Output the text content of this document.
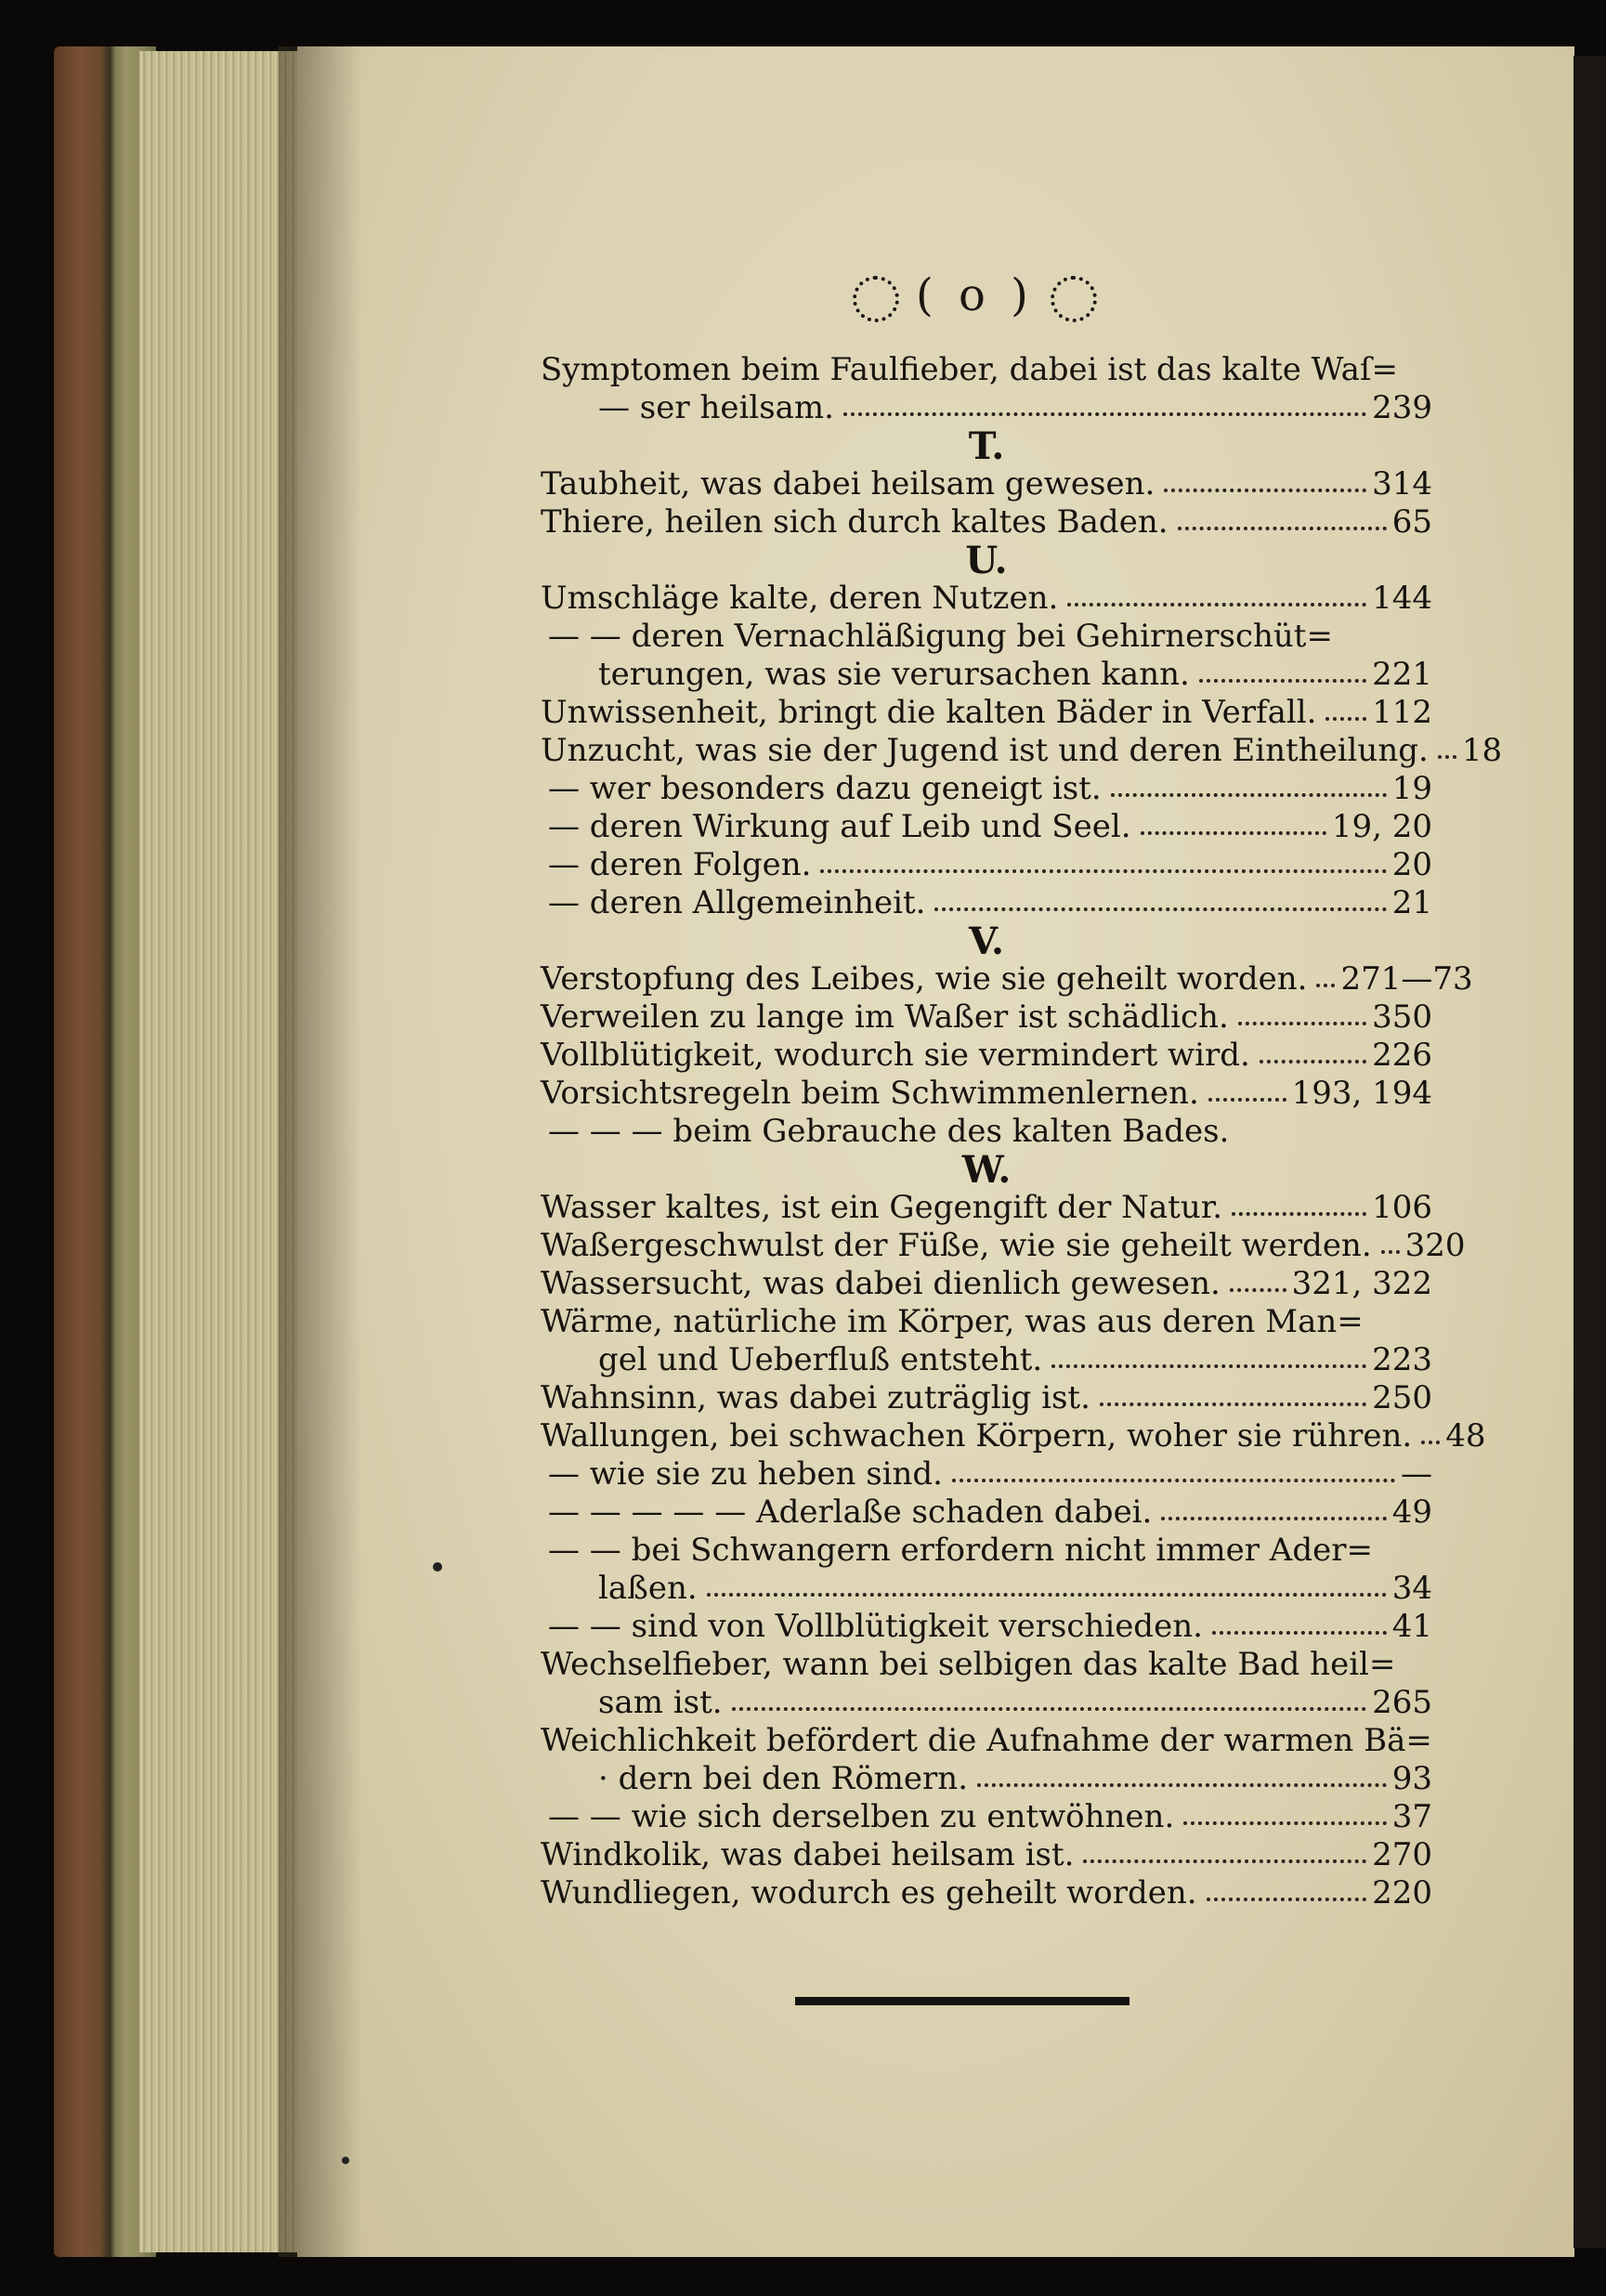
( o )
Symptomen beim Faulfieber, dabei ist das kalte Waſ=
— ser heilsam.	239
T.
Taubheit, was dabei heilsam gewesen.	314
Thiere, heilen sich durch kaltes Baden.	65
U.
Umschläge kalte, deren Nutzen.	144
— — deren Vernachläßigung bei Gehirnerschüt=
terungen, was sie verursachen kann.	221
Unwissenheit, bringt die kalten Bäder in Verfall. 112
Unzucht, was sie der Jugend ist und deren Eintheilung. 18
— wer besonders dazu geneigt ist.	19
— deren Wirkung auf Leib und Seel.	19, 20
— deren Folgen.	20
— deren Allgemeinheit.	21
V.
Verstopfung des Leibes, wie sie geheilt worden. 271—73
Verweilen zu lange im Waßer ist schädlich.	350
Vollblütigkeit, wodurch sie vermindert wird.	226
Vorsichtsregeln beim Schwimmenlernen.	193, 194
— — — beim Gebrauche des kalten Bades.
W.
Wasser kaltes, ist ein Gegengift der Natur.	106
Waßergeschwulst der Füße, wie sie geheilt werden. 320
Wassersucht, was dabei dienlich gewesen. 321, 322
Wärme, natürliche im Körper, was aus deren Man=
gel und Ueberfluß entsteht.	223
Wahnsinn, was dabei zuträglig ist.	250
Wallungen, bei schwachen Körpern, woher sie rühren. 48
— wie sie zu heben sind.	—
— — — — — Aderlaße schaden dabei.	49
— — bei Schwangern erfordern nicht immer Ader=
laßen.	34
— — sind von Vollblütigkeit verschieden.	41
Wechselfieber, wann bei selbigen das kalte Bad heil=
sam ist.	265
Weichlichkeit befördert die Aufnahme der warmen Bä=
· dern bei den Römern.	93
— — wie sich derselben zu entwöhnen.	37
Windkolik, was dabei heilsam ist.	270
Wundliegen, wodurch es geheilt worden.	220
